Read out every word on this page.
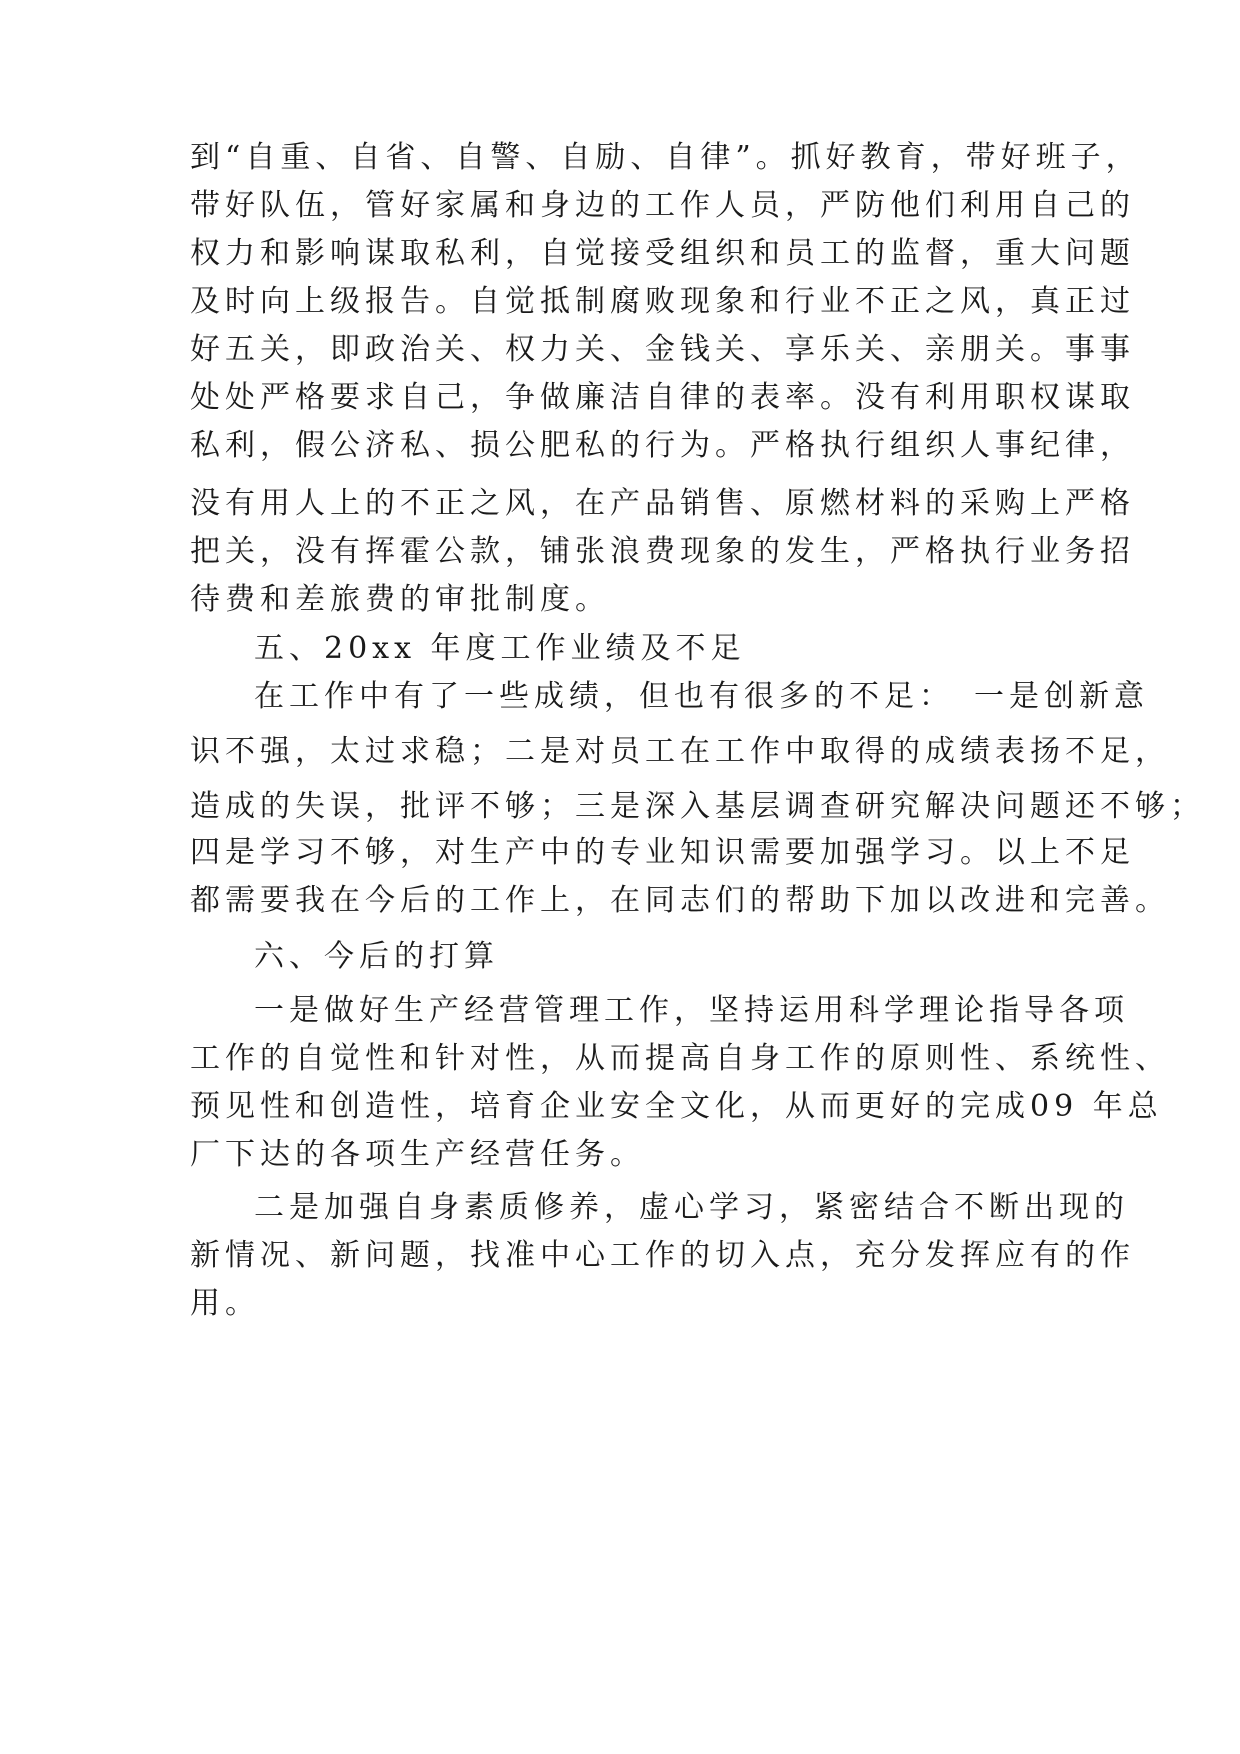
到“自重、自省、自警、自励、自律”。抓好教育，带好班子，
带好队伍，管好家属和身边的工作人员，严防他们利用自己的
权力和影响谋取私利，自觉接受组织和员工的监督，重大问题
及时向上级报告。自觉抵制腐败现象和行业不正之风，真正过
好五关，即政治关、权力关、金钱关、享乐关、亲朋关。事事
处处严格要求自己，争做廉洁自律的表率。没有利用职权谋取
私利，假公济私、损公肥私的行为。严格执行组织人事纪律，
没有用人上的不正之风，在产品销售、原燃材料的采购上严格
把关，没有挥霍公款，铺张浪费现象的发生，严格执行业务招
待费和差旅费的审批制度。
五、20xx 年度工作业绩及不足
在工作中有了一些成绩，但也有很多的不足：　一是创新意
识不强，太过求稳；二是对员工在工作中取得的成绩表扬不足，
造成的失误，批评不够；三是深入基层调查研究解决问题还不够；
四是学习不够，对生产中的专业知识需要加强学习。以上不足
都需要我在今后的工作上，在同志们的帮助下加以改进和完善。
六、今后的打算
一是做好生产经营管理工作，坚持运用科学理论指导各项
工作的自觉性和针对性，从而提高自身工作的原则性、系统性、
预见性和创造性，培育企业安全文化，从而更好的完成09 年总
厂下达的各项生产经营任务。
二是加强自身素质修养，虚心学习，紧密结合不断出现的
新情况、新问题，找准中心工作的切入点，充分发挥应有的作
用。
